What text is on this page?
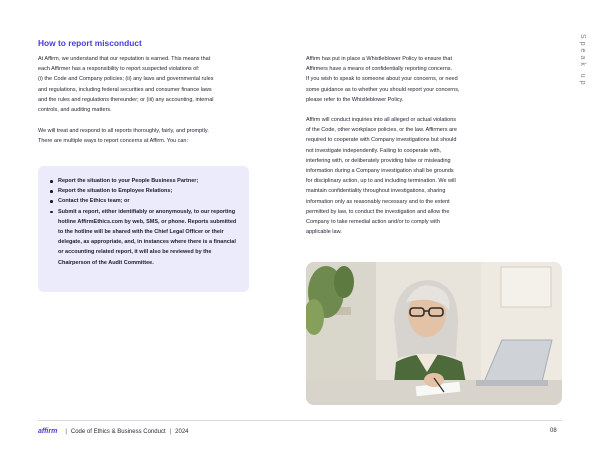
How to report misconduct	Speak up

At Affirm, we understand that our reputation is earned. This means that
each Affirmer has a responsibility to report suspected violations of:
(i) the Code and Company policies; (ii) any laws and governmental rules
and regulations, including federal securities and consumer finance laws
and the rules and regulations thereunder; or (iii) any accounting, internal
controls, and auditing matters.

We will treat and respond to all reports thoroughly, fairly, and promptly.
There are multiple ways to report concerns at Affirm. You can:

Report the situation to your People Business Partner;
Report the situation to Employee Relations;
Contact the Ethics team; or
Submit a report, either identifiably or anonymously, to our reporting hotline AffirmEthics.com by web, SMS, or phone. Reports submitted to the hotline will be shared with the Chief Legal Officer or their delegate, as appropriate, and, in instances where there is a financial or accounting related report, it will also be reviewed by the Chairperson of the Audit Committee.

Affirm has put in place a Whistleblower Policy to ensure that
Affirmers have a means of confidentially reporting concerns.
If you wish to speak to someone about your concerns, or need
some guidance as to whether you should report your concerns,
please refer to the Whistleblower Policy.

Affirm will conduct inquiries into all alleged or actual violations
of the Code, other workplace policies, or the law. Affirmers are
required to cooperate with Company investigations but should
not investigate independently. Failing to cooperate with,
interfering with, or deliberately providing false or misleading
information during a Company investigation shall be grounds
for disciplinary action, up to and including termination. We will
maintain confidentiality throughout investigations, sharing
information only as reasonably necessary and to the extent
permitted by law, to conduct the investigation and allow the
Company to take remedial action and/or to comply with
applicable law.

affirm | Code of Ethics & Business Conduct | 2024	08
